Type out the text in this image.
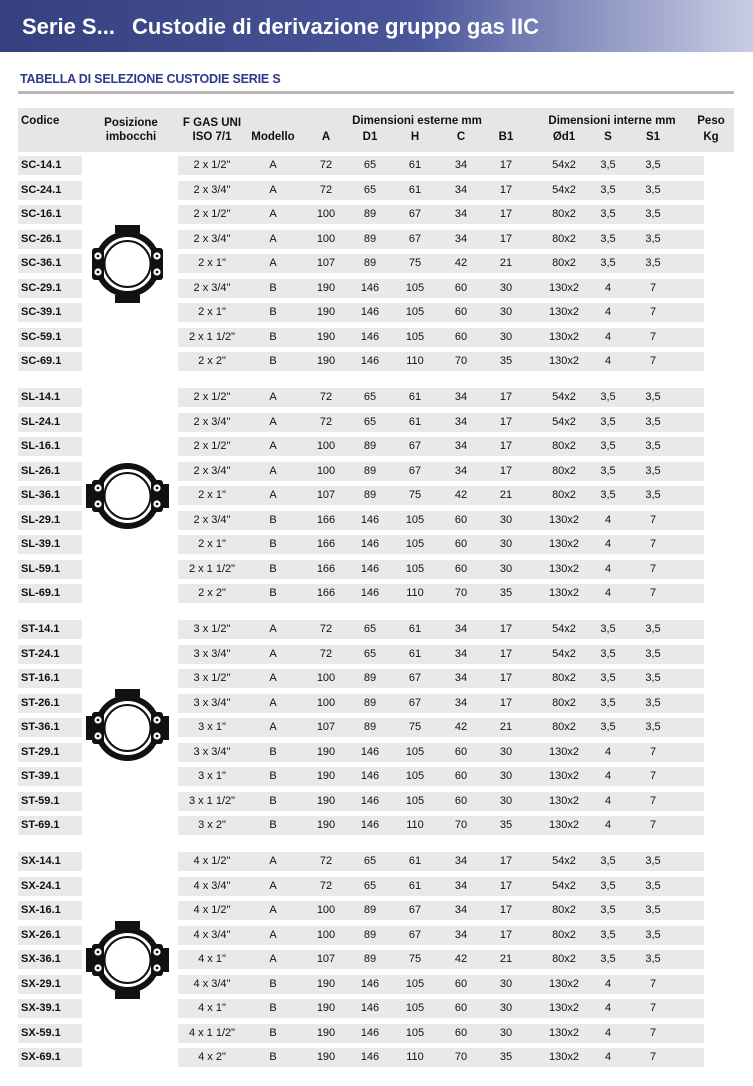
Serie S... Custodie di derivazione gruppo gas IIC
TABELLA DI SELEZIONE CUSTODIE SERIE S
Codice	Posizione
imbocchi
F GAS UNI
ISO 7/1	Modello
Dimensioni esterne mm
A	D1	H	C	B1
Dimensioni interne mm
Ød1	S	S1
Peso
Kg
SC-14.1	2 x 1/2"	A	72	65	61	34	17	54x2	3,5	3,5
SC-24.1	2 x 3/4"	A	72	65	61	34	17	54x2	3,5	3,5
SC-16.1	2 x 1/2"	A	100	89	67	34	17	80x2	3,5	3,5
SC-26.1	2 x 3/4"	A	100	89	67	34	17	80x2	3,5	3,5
SC-36.1	2 x 1"	A	107	89	75	42	21	80x2	3,5	3,5
SC-29.1	2 x 3/4"	B	190	146	105	60	30	130x2	4	7
SC-39.1	2 x 1"	B	190	146	105	60	30	130x2	4	7
SC-59.1	2 x 1 1/2"	B	190	146	105	60	30	130x2	4	7
SC-69.1	2 x 2"	B	190	146	110	70	35	130x2	4	7
SL-14.1	2 x 1/2"	A	72	65	61	34	17	54x2	3,5	3,5
SL-24.1	2 x 3/4"	A	72	65	61	34	17	54x2	3,5	3,5
SL-16.1	2 x 1/2"	A	100	89	67	34	17	80x2	3,5	3,5
SL-26.1	2 x 3/4"	A	100	89	67	34	17	80x2	3,5	3,5
SL-36.1	2 x 1"	A	107	89	75	42	21	80x2	3,5	3,5
SL-29.1	2 x 3/4"	B	166	146	105	60	30	130x2	4	7
SL-39.1	2 x 1"	B	166	146	105	60	30	130x2	4	7
SL-59.1	2 x 1 1/2"	B	166	146	105	60	30	130x2	4	7
SL-69.1	2 x 2"	B	166	146	110	70	35	130x2	4	7
ST-14.1	3 x 1/2"	A	72	65	61	34	17	54x2	3,5	3,5
ST-24.1	3 x 3/4"	A	72	65	61	34	17	54x2	3,5	3,5
ST-16.1	3 x 1/2"	A	100	89	67	34	17	80x2	3,5	3,5
ST-26.1	3 x 3/4"	A	100	89	67	34	17	80x2	3,5	3,5
ST-36.1	3 x 1"	A	107	89	75	42	21	80x2	3,5	3,5
ST-29.1	3 x 3/4"	B	190	146	105	60	30	130x2	4	7
ST-39.1	3 x 1"	B	190	146	105	60	30	130x2	4	7
ST-59.1	3 x 1 1/2"	B	190	146	105	60	30	130x2	4	7
ST-69.1	3 x 2"	B	190	146	110	70	35	130x2	4	7
SX-14.1	4 x 1/2"	A	72	65	61	34	17	54x2	3,5	3,5
SX-24.1	4 x 3/4"	A	72	65	61	34	17	54x2	3,5	3,5
SX-16.1	4 x 1/2"	A	100	89	67	34	17	80x2	3,5	3,5
SX-26.1	4 x 3/4"	A	100	89	67	34	17	80x2	3,5	3,5
SX-36.1	4 x 1"	A	107	89	75	42	21	80x2	3,5	3,5
SX-29.1	4 x 3/4"	B	190	146	105	60	30	130x2	4	7
SX-39.1	4 x 1"	B	190	146	105	60	30	130x2	4	7
SX-59.1	4 x 1 1/2"	B	190	146	105	60	30	130x2	4	7
SX-69.1	4 x 2"	B	190	146	110	70	35	130x2	4	7
